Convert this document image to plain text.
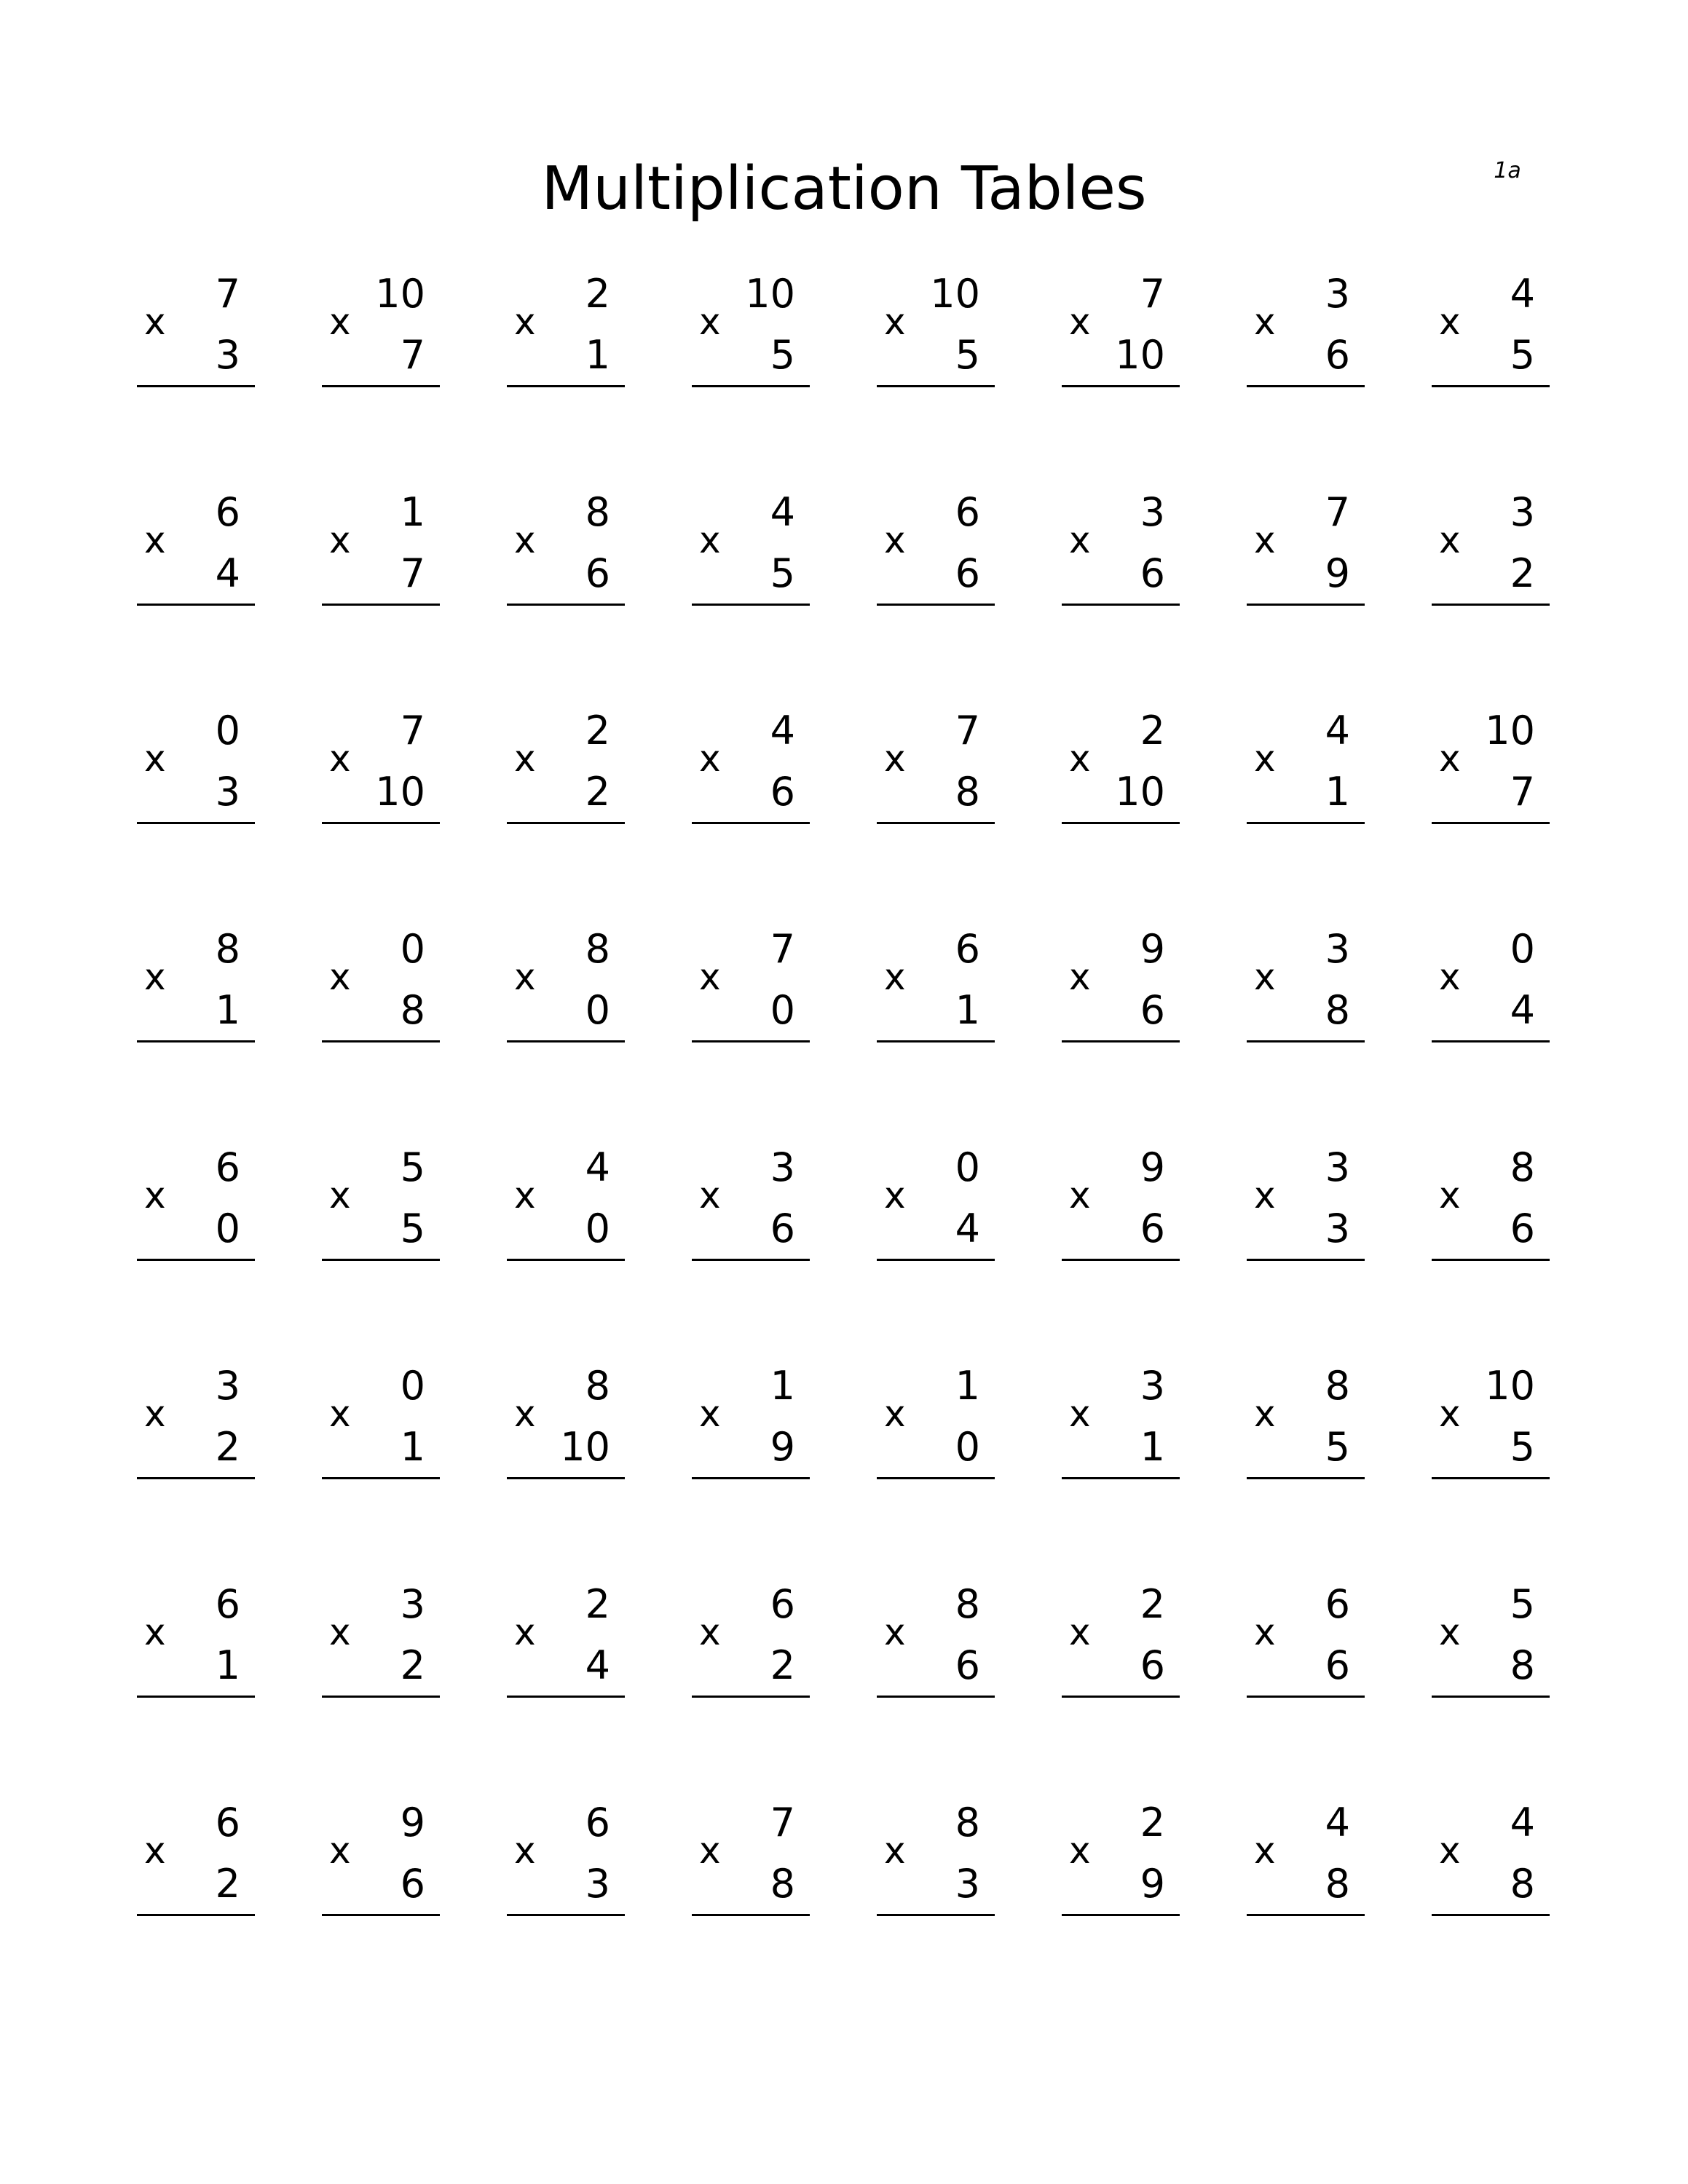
Multiplication Tables	1a
x
7
3
x
10
7
x
2
1
x
10
5
x
10
5
x
7
10
x
3
6
x
4
5
x
6
4
x
1
7
x
8
6
x
4
5
x
6
6
x
3
6
x
7
9
x
3
2
x
0
3
x
7
10
x
2
2
x
4
6
x
7
8
x
2
10
x
4
1
x
10
7
x
8
1
x
0
8
x
8
0
x
7
0
x
6
1
x
9
6
x
3
8
x
0
4
x
6
0
x
5
5
x
4
0
x
3
6
x
0
4
x
9
6
x
3
3
x
8
6
x
3
2
x
0
1
x
8
10
x
1
9
x
1
0
x
3
1
x
8
5
x
10
5
x
6
1
x
3
2
x
2
4
x
6
2
x
8
6
x
2
6
x
6
6
x
5
8
x
6
2
x
9
6
x
6
3
x
7
8
x
8
3
x
2
9
x
4
8
x
4
8
